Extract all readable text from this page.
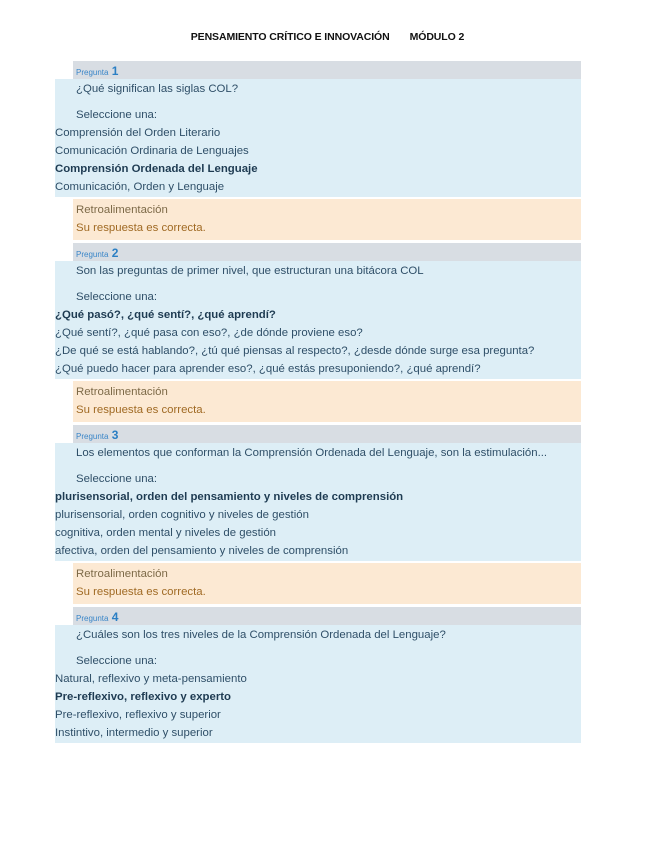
PENSAMIENTO CRÍTICO E INNOVACIÓN MÓDULO 2
Pregunta 1
¿Qué significan las siglas COL?
Seleccione una:
Comprensión del Orden Literario
Comunicación Ordinaria de Lenguajes
Comprensión Ordenada del Lenguaje
Comunicación, Orden y Lenguaje
Retroalimentación
Su respuesta es correcta.
Pregunta 2
Son las preguntas de primer nivel, que estructuran una bitácora COL
Seleccione una:
¿Qué pasó?, ¿qué sentí?, ¿qué aprendí?
¿Qué sentí?, ¿qué pasa con eso?, ¿de dónde proviene eso?
¿De qué se está hablando?, ¿tú qué piensas al respecto?, ¿desde dónde surge esa pregunta?
¿Qué puedo hacer para aprender eso?, ¿qué estás presuponiendo?, ¿qué aprendí?
Retroalimentación
Su respuesta es correcta.
Pregunta 3
Los elementos que conforman la Comprensión Ordenada del Lenguaje, son la estimulación...
Seleccione una:
plurisensorial, orden del pensamiento y niveles de comprensión
plurisensorial, orden cognitivo y niveles de gestión
cognitiva, orden mental y niveles de gestión
afectiva, orden del pensamiento y niveles de comprensión
Retroalimentación
Su respuesta es correcta.
Pregunta 4
¿Cuáles son los tres niveles de la Comprensión Ordenada del Lenguaje?
Seleccione una:
Natural, reflexivo y meta-pensamiento
Pre-reflexivo, reflexivo y experto
Pre-reflexivo, reflexivo y superior
Instintivo, intermedio y superior
